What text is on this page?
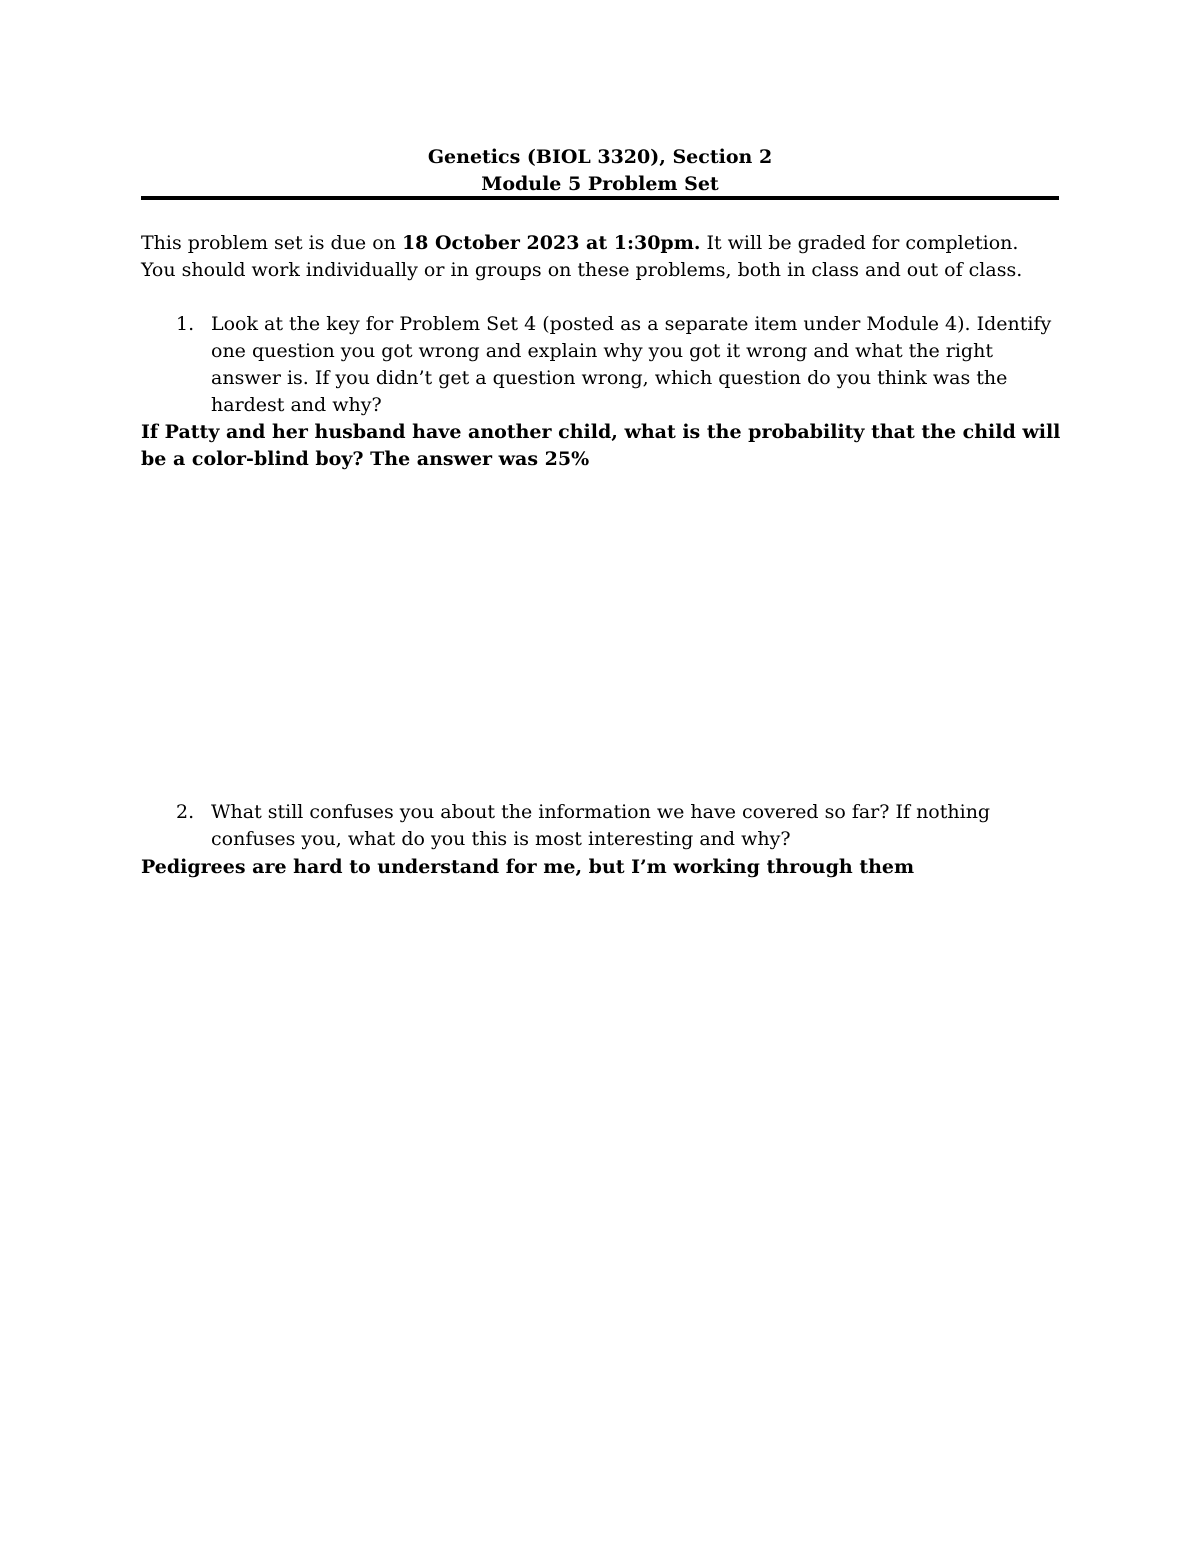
Genetics (BIOL 3320), Section 2
Module 5 Problem Set
This problem set is due on 18 October 2023 at 1:30pm. It will be graded for completion. You should work individually or in groups on these problems, both in class and out of class.
1. Look at the key for Problem Set 4 (posted as a separate item under Module 4). Identify one question you got wrong and explain why you got it wrong and what the right answer is. If you didn’t get a question wrong, which question do you think was the hardest and why?
If Patty and her husband have another child, what is the probability that the child will be a color-blind boy? The answer was 25%
2. What still confuses you about the information we have covered so far? If nothing confuses you, what do you this is most interesting and why?
Pedigrees are hard to understand for me, but I’m working through them
